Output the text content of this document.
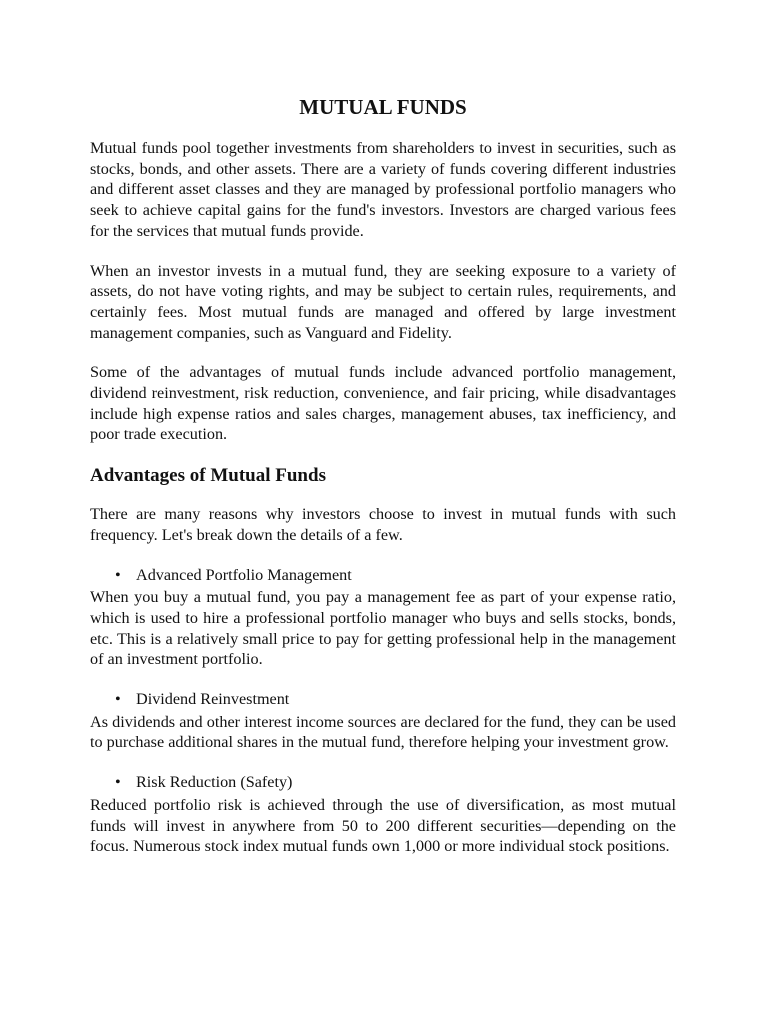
MUTUAL FUNDS

Mutual funds pool together investments from shareholders to invest in securities, such as stocks, bonds, and other assets. There are a variety of funds covering different industries and different asset classes and they are managed by professional portfolio managers who seek to achieve capital gains for the fund's investors. Investors are charged various fees for the services that mutual funds provide.

When an investor invests in a mutual fund, they are seeking exposure to a variety of assets, do not have voting rights, and may be subject to certain rules, requirements, and certainly fees. Most mutual funds are managed and offered by large investment management companies, such as Vanguard and Fidelity.

Some of the advantages of mutual funds include advanced portfolio management, dividend reinvestment, risk reduction, convenience, and fair pricing, while disadvantages include high expense ratios and sales charges, management abuses, tax inefficiency, and poor trade execution.

Advantages of Mutual Funds

There are many reasons why investors choose to invest in mutual funds with such frequency. Let's break down the details of a few.

• Advanced Portfolio Management

When you buy a mutual fund, you pay a management fee as part of your expense ratio, which is used to hire a professional portfolio manager who buys and sells stocks, bonds, etc. This is a relatively small price to pay for getting professional help in the management of an investment portfolio.

• Dividend Reinvestment

As dividends and other interest income sources are declared for the fund, they can be used to purchase additional shares in the mutual fund, therefore helping your investment grow.

• Risk Reduction (Safety)

Reduced portfolio risk is achieved through the use of diversification, as most mutual funds will invest in anywhere from 50 to 200 different securities—depending on the focus. Numerous stock index mutual funds own 1,000 or more individual stock positions.
